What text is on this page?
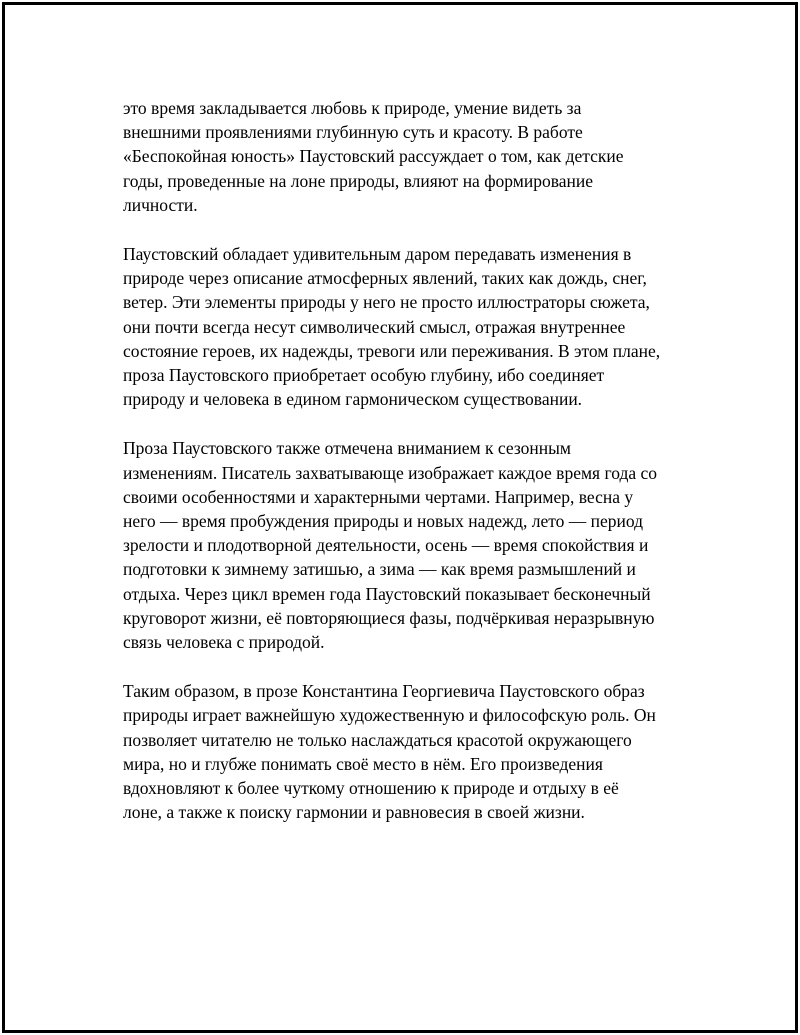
это время закладывается любовь к природе, умение видеть за
внешними проявлениями глубинную суть и красоту. В работе
«Беспокойная юность» Паустовский рассуждает о том, как детские
годы, проведенные на лоне природы, влияют на формирование
личности.

Паустовский обладает удивительным даром передавать изменения в
природе через описание атмосферных явлений, таких как дождь, снег,
ветер. Эти элементы природы у него не просто иллюстраторы сюжета,
они почти всегда несут символический смысл, отражая внутреннее
состояние героев, их надежды, тревоги или переживания. В этом плане,
проза Паустовского приобретает особую глубину, ибо соединяет
природу и человека в едином гармоническом существовании.

Проза Паустовского также отмечена вниманием к сезонным
изменениям. Писатель захватывающе изображает каждое время года со
своими особенностями и характерными чертами. Например, весна у
него — время пробуждения природы и новых надежд, лето — период
зрелости и плодотворной деятельности, осень — время спокойствия и
подготовки к зимнему затишью, а зима — как время размышлений и
отдыха. Через цикл времен года Паустовский показывает бесконечный
круговорот жизни, её повторяющиеся фазы, подчёркивая неразрывную
связь человека с природой.

Таким образом, в прозе Константина Георгиевича Паустовского образ
природы играет важнейшую художественную и философскую роль. Он
позволяет читателю не только наслаждаться красотой окружающего
мира, но и глубже понимать своё место в нём. Его произведения
вдохновляют к более чуткому отношению к природе и отдыху в её
лоне, а также к поиску гармонии и равновесия в своей жизни.
